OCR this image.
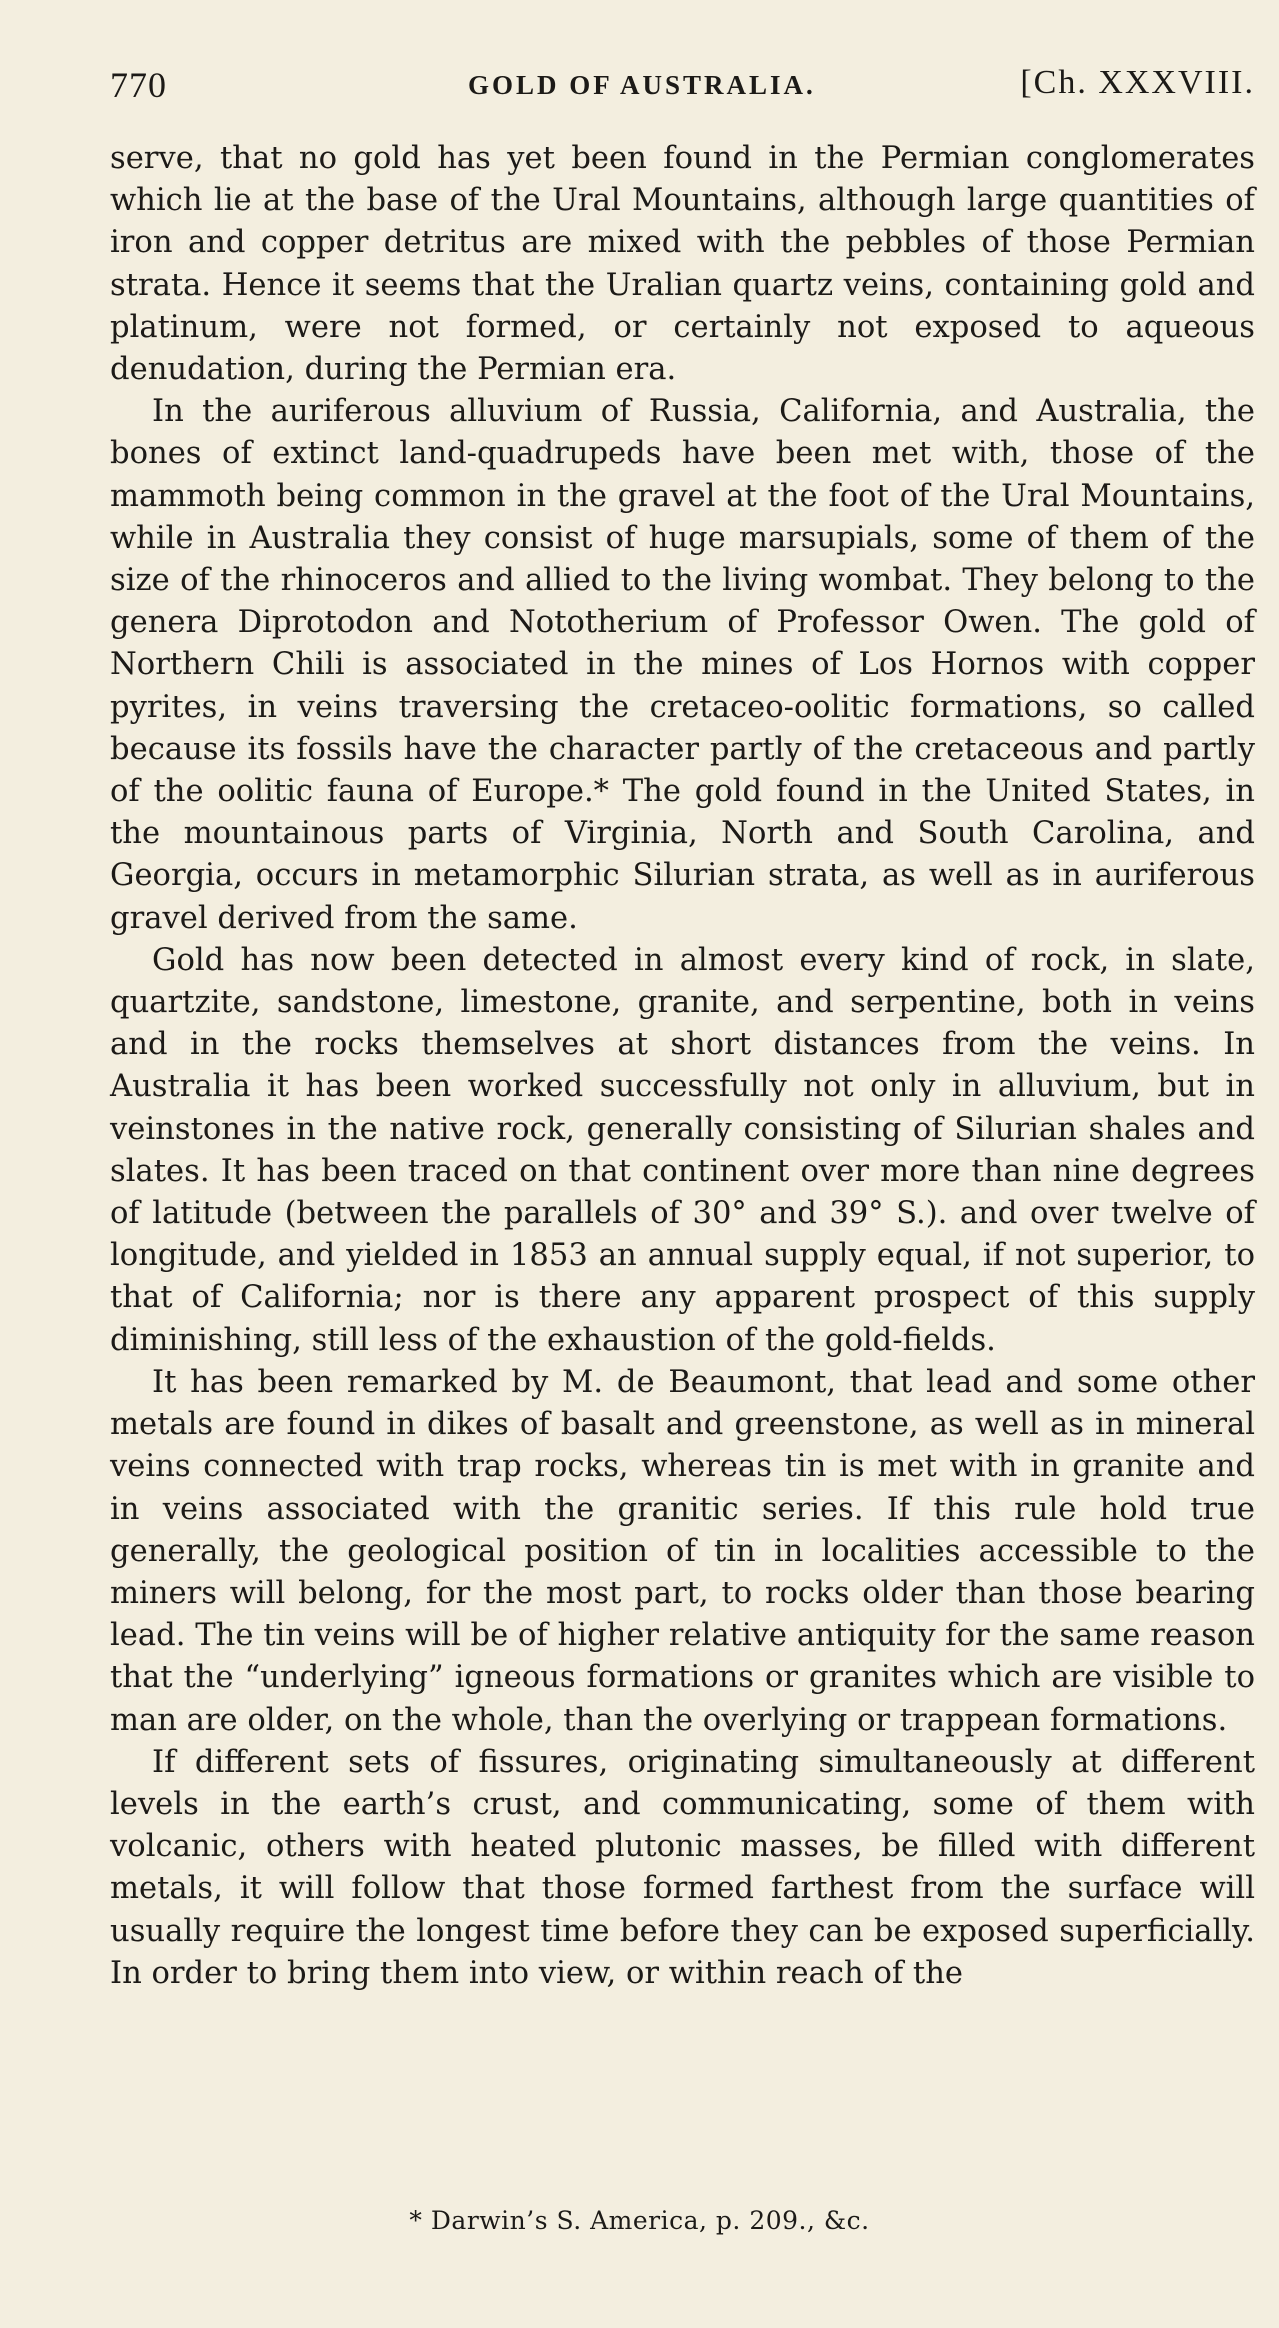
770	GOLD OF AUSTRALIA.	[Ch. XXXVIII.

serve, that no gold has yet been found in the Permian conglomerates which lie at the base of the Ural Mountains, although large quantities of iron and copper detritus are mixed with the pebbles of those Permian strata. Hence it seems that the Uralian quartz veins, containing gold and platinum, were not formed, or certainly not exposed to aqueous denudation, during the Permian era.

In the auriferous alluvium of Russia, California, and Australia, the bones of extinct land-quadrupeds have been met with, those of the mammoth being common in the gravel at the foot of the Ural Mountains, while in Australia they consist of huge marsupials, some of them of the size of the rhinoceros and allied to the living wombat. They belong to the genera Diprotodon and Nototherium of Professor Owen. The gold of Northern Chili is associated in the mines of Los Hornos with copper pyrites, in veins traversing the cretaceo-oolitic formations, so called because its fossils have the character partly of the cretaceous and partly of the oolitic fauna of Europe.* The gold found in the United States, in the mountainous parts of Virginia, North and South Carolina, and Georgia, occurs in metamorphic Silurian strata, as well as in auriferous gravel derived from the same.

Gold has now been detected in almost every kind of rock, in slate, quartzite, sandstone, limestone, granite, and serpentine, both in veins and in the rocks themselves at short distances from the veins. In Australia it has been worked successfully not only in alluvium, but in veinstones in the native rock, generally consisting of Silurian shales and slates. It has been traced on that continent over more than nine degrees of latitude (between the parallels of 30° and 39° S.). and over twelve of longitude, and yielded in 1853 an annual supply equal, if not superior, to that of California; nor is there any apparent prospect of this supply diminishing, still less of the exhaustion of the gold-fields.

It has been remarked by M. de Beaumont, that lead and some other metals are found in dikes of basalt and greenstone, as well as in mineral veins connected with trap rocks, whereas tin is met with in granite and in veins associated with the granitic series. If this rule hold true generally, the geological position of tin in localities accessible to the miners will belong, for the most part, to rocks older than those bearing lead. The tin veins will be of higher relative antiquity for the same reason that the “underlying” igneous formations or granites which are visible to man are older, on the whole, than the overlying or trappean formations.

If different sets of fissures, originating simultaneously at different levels in the earth’s crust, and communicating, some of them with volcanic, others with heated plutonic masses, be filled with different metals, it will follow that those formed farthest from the surface will usually require the longest time before they can be exposed superficially. In order to bring them into view, or within reach of the

* Darwin’s S. America, p. 209., &c.
